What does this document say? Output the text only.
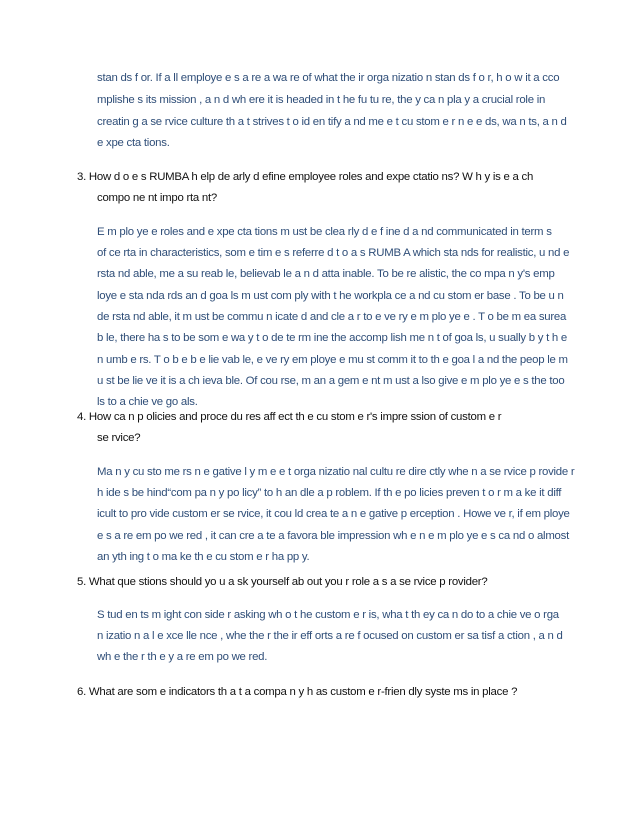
stan ds f or. If a ll employe e s a re a wa re of what the ir orga nizatio n stan ds f o r, h o w it a cco
mplishe s its mission , a n d wh ere it is headed in t he fu tu re, the y ca n pla y a crucial role in
creatin g a se rvice culture th a t strives t o id en tify a nd me e t cu stom e r n e e ds, wa n ts, a n d
e xpe cta tions.
3. How d o e s RUMBA h elp de arly d efine employee roles and expe ctatio ns? W h y is e a ch
compo ne nt impo rta nt?
E m plo ye e roles and e xpe cta tions m ust be clea rly d e f ine d a nd communicated in term s
of ce rta in characteristics, som e tim e s referre d t o a s RUMB A which sta nds for realistic, u nd e
rsta nd able, me a su reab le, believab le a n d atta inable. To be re alistic, the co mpa n y's emp
loye e sta nda rds an d goa ls m ust com ply with t he workpla ce a nd cu stom er base . To be u n
de rsta nd able, it m ust be commu n icate d and cle a r to e ve ry e m plo ye e . T o be m ea surea
b le, there ha s to be som e wa y t o de te rm ine the accomp lish me n t of goa ls, u sually b y t h e
n umb e rs. T o b e b e lie vab le, e ve ry em ploye e mu st comm it to th e goa l a nd the peop le m
u st be lie ve it is a ch ieva ble. Of cou rse, m an a gem e nt m ust a lso give e m plo ye e s the too
ls to a chie ve go als.
4. How ca n p olicies and proce du res aff ect th e cu stom e r's impre ssion of custom e r
se rvice?
Ma n y cu sto me rs n e gative l y m e e t orga nizatio nal cultu re dire ctly whe n a se rvice p rovide r
h ide s be hind“com pa n y po licy” to h an dle a p roblem. If th e po licies preven t o r m a ke it diff
icult to pro vide custom er se rvice, it cou ld crea te a n e gative p erception . Howe ve r, if em ploye
e s a re em po we red , it can cre a te a favora ble impression wh e n e m plo ye e s ca nd o almost
an yth ing t o ma ke th e cu stom e r ha pp y.
5. What que stions should yo u a sk yourself ab out you r role a s a se rvice p rovider?
S tud en ts m ight con side r asking wh o t he custom e r is, wha t th ey ca n do to a chie ve o rga
n izatio n a l e xce lle nce , whe the r the ir eff orts a re f ocused on custom er sa tisf a ction , a n d
wh e the r th e y a re em po we red.
6. What are som e indicators th a t a compa n y h as custom e r-frien dly syste ms in place ?
